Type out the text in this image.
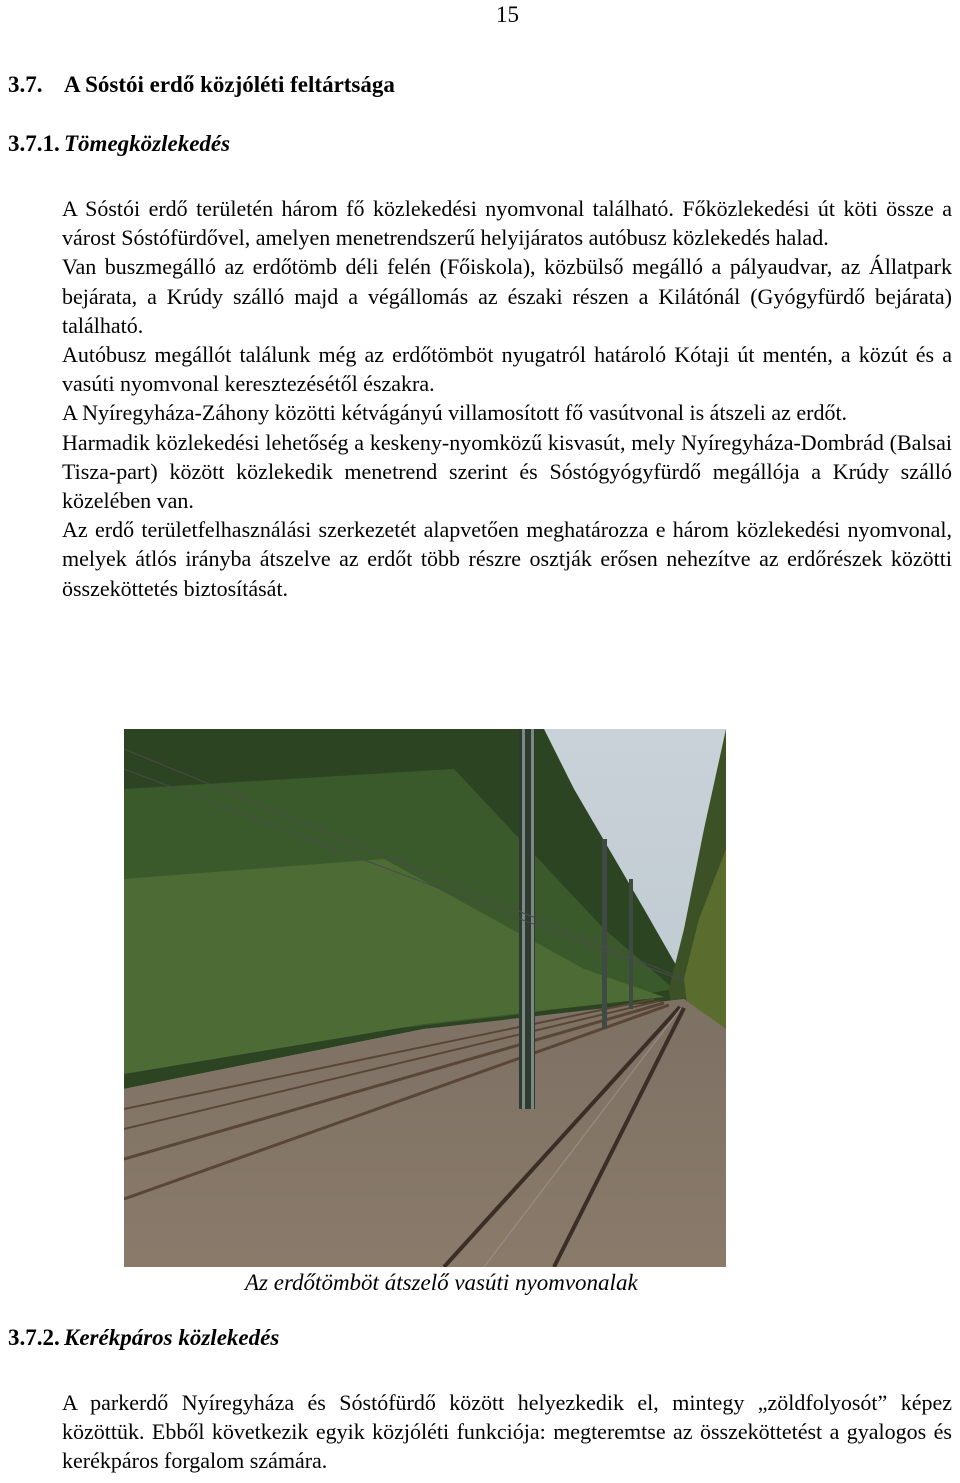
15
3.7. A Sóstói erdő közjóléti feltártsága
3.7.1. Tömegközlekedés

A Sóstói erdő területén három fő közlekedési nyomvonal található. Főközlekedési út köti össze a várost Sóstófürdővel, amelyen menetrendszerű helyijáratos autóbusz közlekedés halad.

Van buszmegálló az erdőtömb déli felén (Főiskola), közbülső megálló a pályaudvar, az Állatpark bejárata, a Krúdy szálló majd a végállomás az északi részen a Kilátónál (Gyógyfürdő bejárata) található.

Autóbusz megállót találunk még az erdőtömböt nyugatról határoló Kótaji út mentén, a közút és a vasúti nyomvonal keresztezésétől északra.

A Nyíregyháza-Záhony közötti kétvágányú villamosított fő vasútvonal is átszeli az erdőt.

Harmadik közlekedési lehetőség a keskeny-nyomközű kisvasút, mely Nyíregyháza-Dombrád (Balsai Tisza-part) között közlekedik menetrend szerint és Sóstógyógyfürdő megállója a Krúdy szálló közelében van.

Az erdő területfelhasználási szerkezetét alapvetően meghatározza e három közlekedési nyomvonal, melyek átlós irányba átszelve az erdőt több részre osztják erősen nehezítve az erdőrészek közötti összeköttetés biztosítását.

Az erdőtömböt átszelő vasúti nyomvonalak
3.7.2. Kerékpáros közlekedés

A parkerdő Nyíregyháza és Sóstófürdő között helyezkedik el, mintegy „zöldfolyosót” képez közöttük. Ebből következik egyik közjóléti funkciója: megteremtse az összeköttetést a gyalogos és kerékpáros forgalom számára.
